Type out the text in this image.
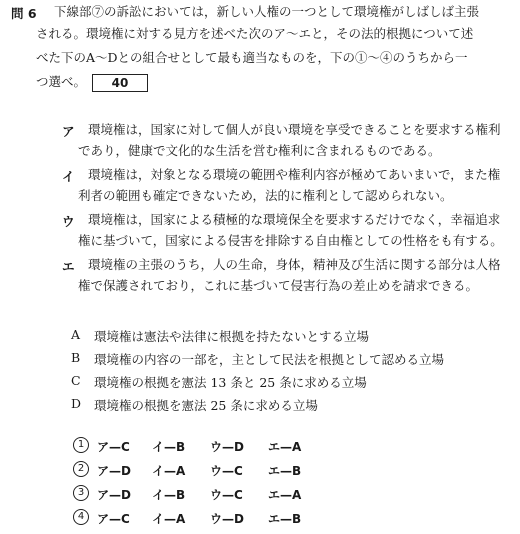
問 6 下線部⑦の訴訟においては，新しい人権の一つとして環境権がしばしば主張
される。環境権に対する見方を述べた次のア〜エと，その法的根拠について述
べた下のA〜Dとの組合せとして最も適当なものを，下の①〜④のうちから一
つ選べ。 40
ア 環境権は，国家に対して個人が良い環境を享受できることを要求する権利
であり，健康で文化的な生活を営む権利に含まれるものである。
イ 環境権は，対象となる環境の範囲や権利内容が極めてあいまいで，また権
利者の範囲も確定できないため，法的に権利として認められない。
ウ 環境権は，国家による積極的な環境保全を要求するだけでなく，幸福追求
権に基づいて，国家による侵害を排除する自由権としての性格をも有する。
エ 環境権の主張のうち，人の生命，身体，精神及び生活に関する部分は人格
権で保護されており，これに基づいて侵害行為の差止めを請求できる。
A 環境権は憲法や法律に根拠を持たないとする立場
B 環境権の内容の一部を，主として民法を根拠として認める立場
C 環境権の根拠を憲法 13 条と 25 条に求める立場
D 環境権の根拠を憲法 25 条に求める立場
1	ア—C イ—B ウ—D エ—A
2	ア—D イ—A ウ—C エ—B
3	ア—D イ—B ウ—C エ—A
4	ア—C イ—A ウ—D エ—B
